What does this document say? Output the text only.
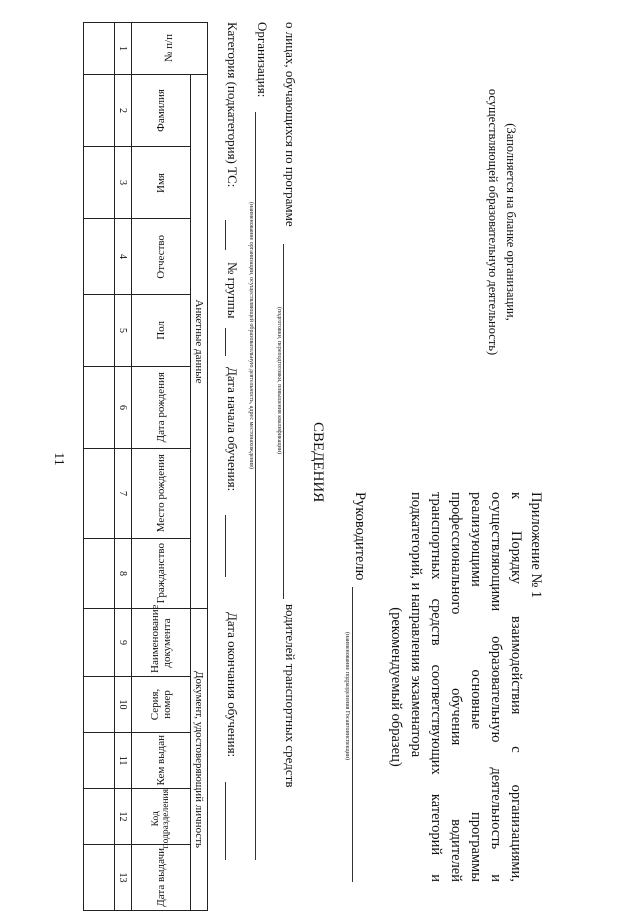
11
Приложение № 1
к
Порядку
взаимодействия
с
организациями,
осуществляющими
образовательную
деятельность
и
реализующими
основные
программы
профессионального
обучения
водителей
транспортных
средств
соответствующих
категорий
и
подкатегорий, и направления экзаменатора
(рекомендуемый образец)
Руководителю
(наименование подразделения Госавтоинспекции)
(Заполняется на бланке организации,
осуществляющей образовательную деятельность)
СВЕДЕНИЯ
о лицах, обучающихся по программе
водителей транспортных средств
(подготовки, переподготовки, повышения квалификации)
Организация:
(наименование организации, осуществляющей образовательную деятельность, адрес местонахождения)
Категория (подкатегория) ТС:
№ группы
Дата начала обучения:
Дата окончания обучения:
№ п/п	Анкетные данные							Документ, удостоверяющий личность				
	Фамилия	Имя	Отчество	Пол	Дата рождения	Место рождения	Гражданство	Наименование документа	Серия, номер	Кем выдан	Код подразделения	Дата выдачи
1	2	3	4	5	6	7	8	9	10	11	12	13
